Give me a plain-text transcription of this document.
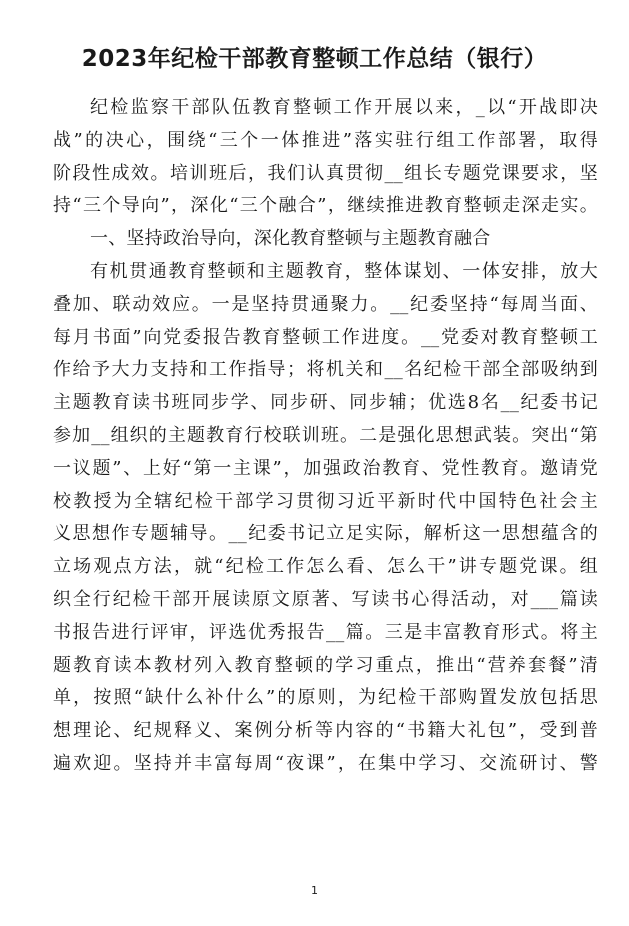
2023年纪检干部教育整顿工作总结（银行）
纪检监察干部队伍教育整顿工作开展以来，_以“开战即决
战”的决心，围绕“三个一体推进”落实驻行组工作部署，取得
阶段性成效。培训班后，我们认真贯彻__组长专题党课要求，坚
持“三个导向”，深化“三个融合”，继续推进教育整顿走深走实。
一、坚持政治导向，深化教育整顿与主题教育融合
有机贯通教育整顿和主题教育，整体谋划、一体安排，放大
叠加、联动效应。一是坚持贯通聚力。__纪委坚持“每周当面、
每月书面”向党委报告教育整顿工作进度。__党委对教育整顿工
作给予大力支持和工作指导；将机关和__名纪检干部全部吸纳到
主题教育读书班同步学、同步研、同步辅；优选8名__纪委书记
参加__组织的主题教育行校联训班。二是强化思想武装。突出“第
一议题”、上好“第一主课”，加强政治教育、党性教育。邀请党
校教授为全辖纪检干部学习贯彻习近平新时代中国特色社会主
义思想作专题辅导。__纪委书记立足实际，解析这一思想蕴含的
立场观点方法，就“纪检工作怎么看、怎么干”讲专题党课。组
织全行纪检干部开展读原文原著、写读书心得活动，对___篇读
书报告进行评审，评选优秀报告__篇。三是丰富教育形式。将主
题教育读本教材列入教育整顿的学习重点，推出“营养套餐”清
单，按照“缺什么补什么”的原则，为纪检干部购置发放包括思
想理论、纪规释义、案例分析等内容的“书籍大礼包”，受到普
遍欢迎。坚持并丰富每周“夜课”，在集中学习、交流研讨、警
1
